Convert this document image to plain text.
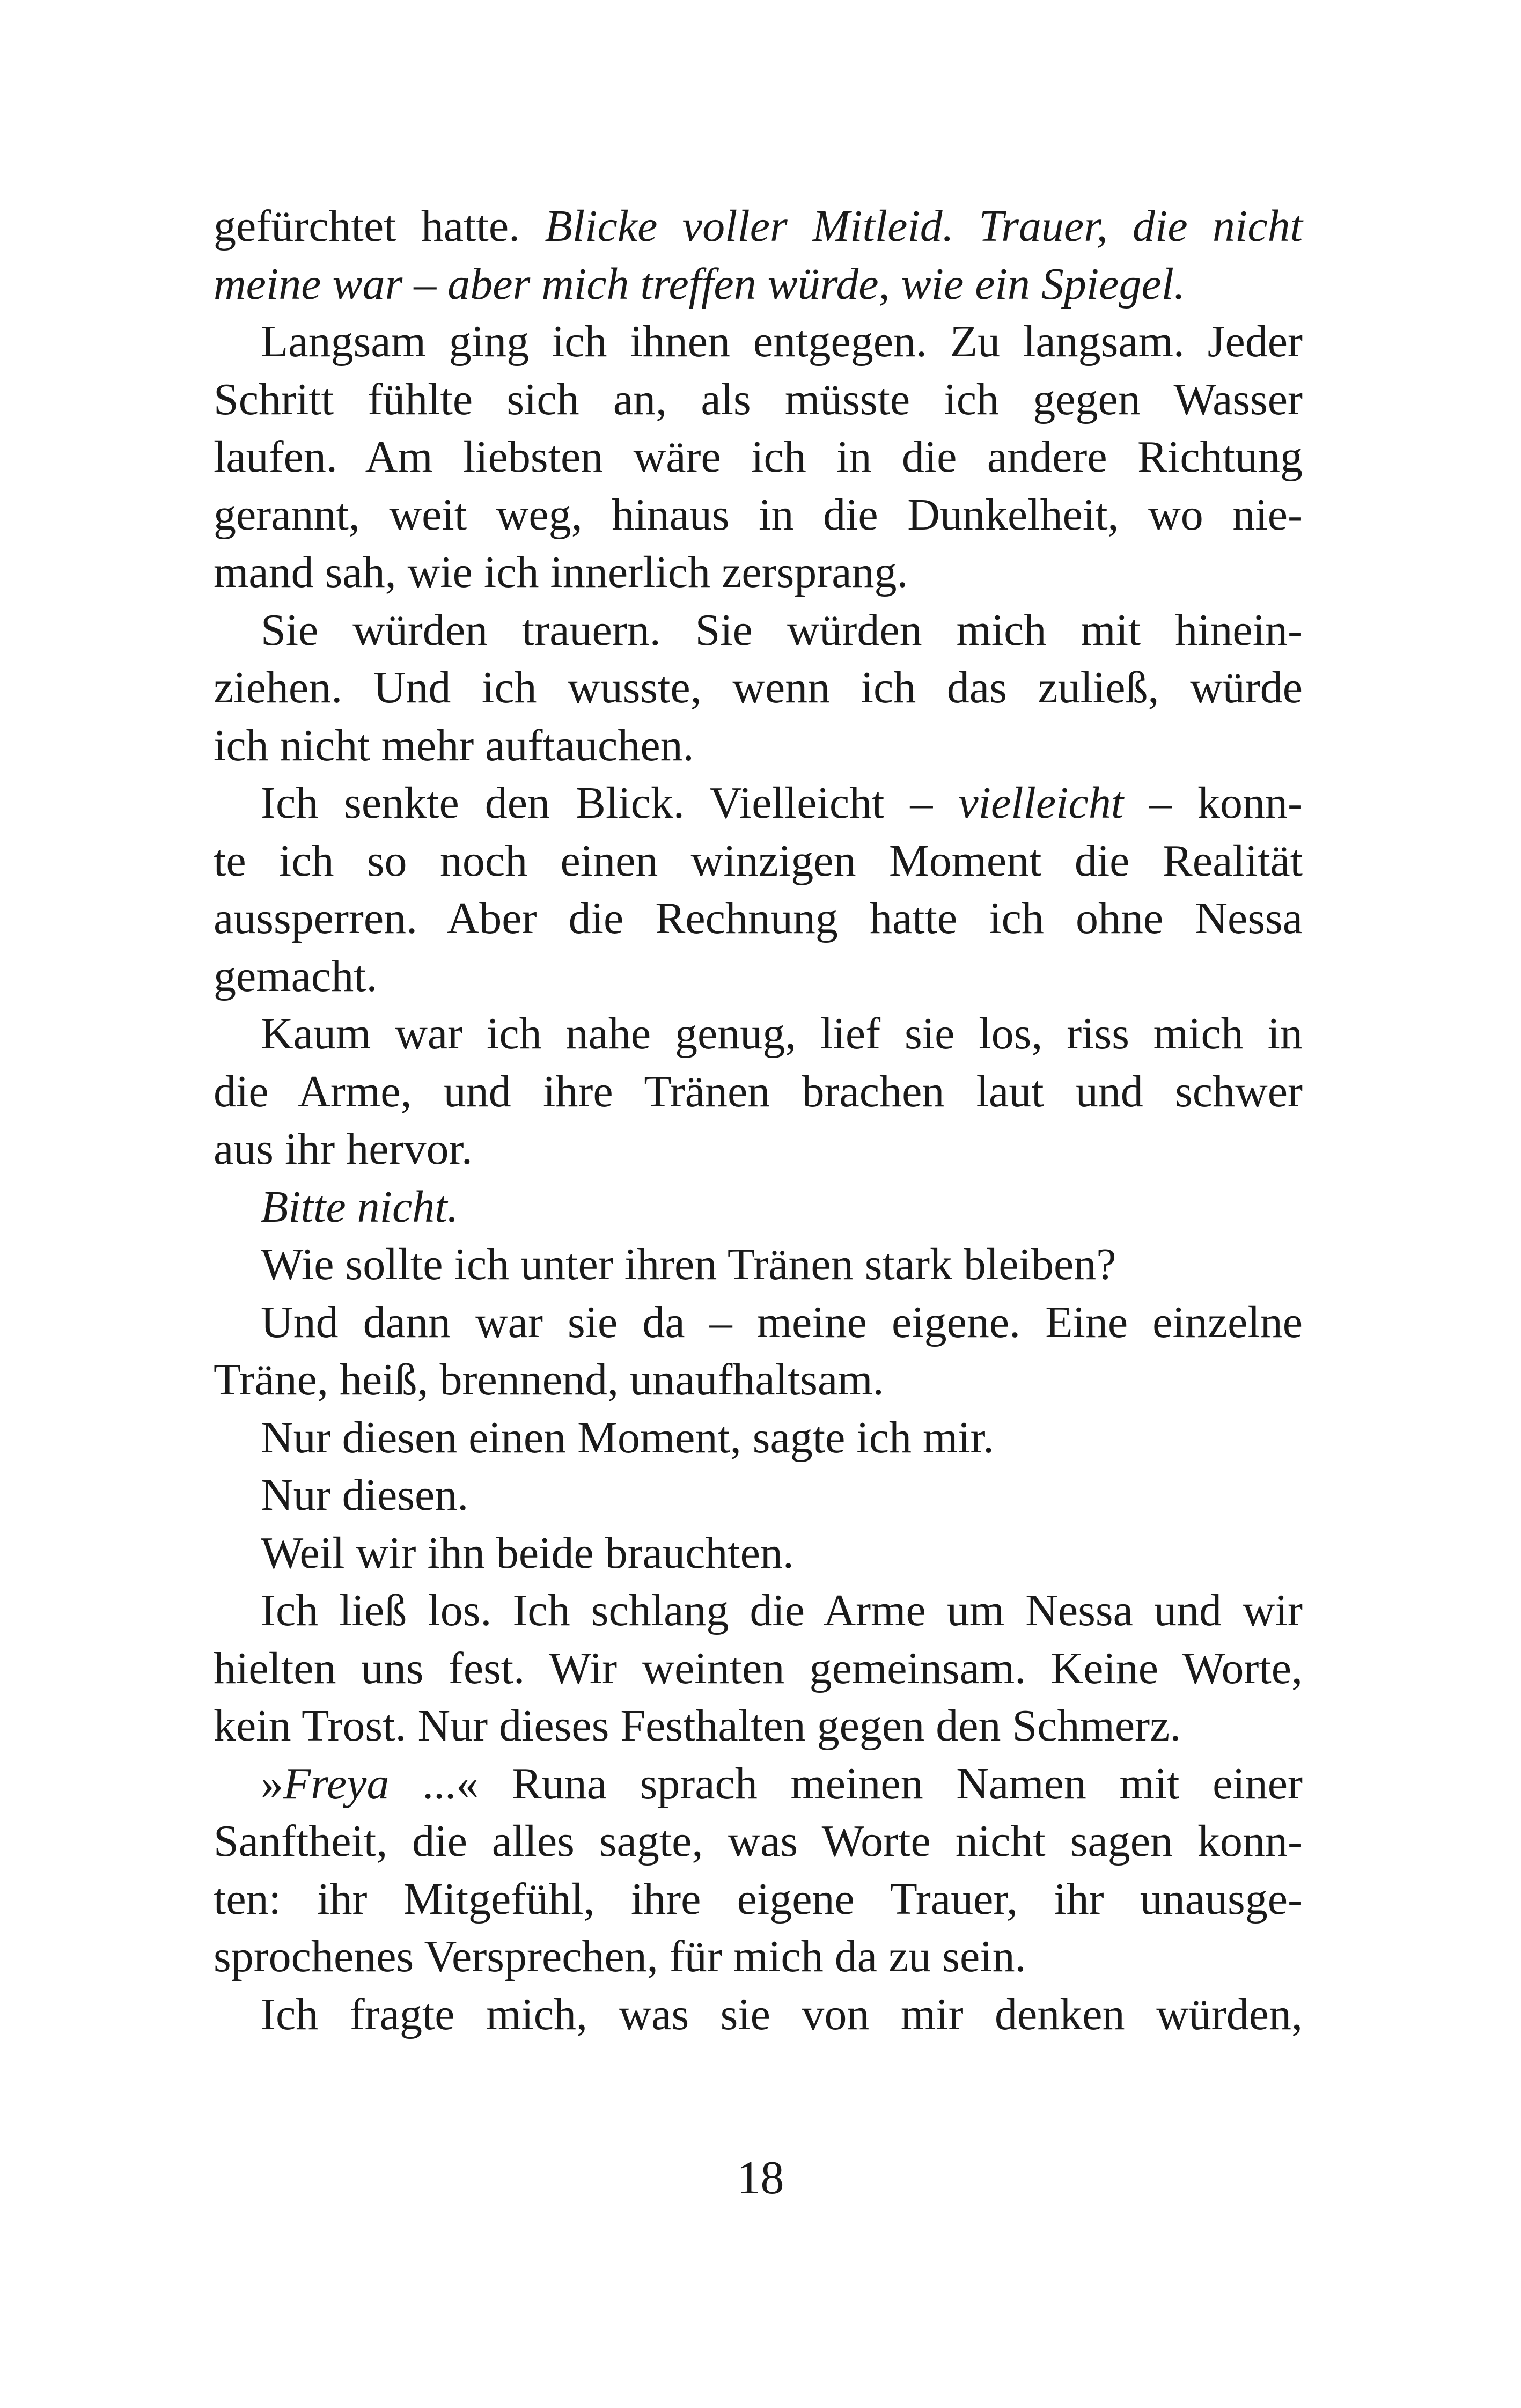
gefürchtet hatte. Blicke voller Mitleid. Trauer, die nicht
meine war – aber mich treffen würde, wie ein Spiegel.
Langsam ging ich ihnen entgegen. Zu langsam. Jeder
Schritt fühlte sich an, als müsste ich gegen Wasser
laufen. Am liebsten wäre ich in die andere Richtung
gerannt, weit weg, hinaus in die Dunkelheit, wo nie-
mand sah, wie ich innerlich zersprang.
Sie würden trauern. Sie würden mich mit hinein-
ziehen. Und ich wusste, wenn ich das zuließ, würde
ich nicht mehr auftauchen.
Ich senkte den Blick. Vielleicht – vielleicht – konn-
te ich so noch einen winzigen Moment die Realität
aussperren. Aber die Rechnung hatte ich ohne Nessa
gemacht.
Kaum war ich nahe genug, lief sie los, riss mich in
die Arme, und ihre Tränen brachen laut und schwer
aus ihr hervor.
Bitte nicht.
Wie sollte ich unter ihren Tränen stark bleiben?
Und dann war sie da – meine eigene. Eine einzelne
Träne, heiß, brennend, unaufhaltsam.
Nur diesen einen Moment, sagte ich mir.
Nur diesen.
Weil wir ihn beide brauchten.
Ich ließ los. Ich schlang die Arme um Nessa und wir
hielten uns fest. Wir weinten gemeinsam. Keine Worte,
kein Trost. Nur dieses Festhalten gegen den Schmerz.
»Freya ...« Runa sprach meinen Namen mit einer
Sanftheit, die alles sagte, was Worte nicht sagen konn-
ten: ihr Mitgefühl, ihre eigene Trauer, ihr unausge-
sprochenes Versprechen, für mich da zu sein.
Ich fragte mich, was sie von mir denken würden,
18
